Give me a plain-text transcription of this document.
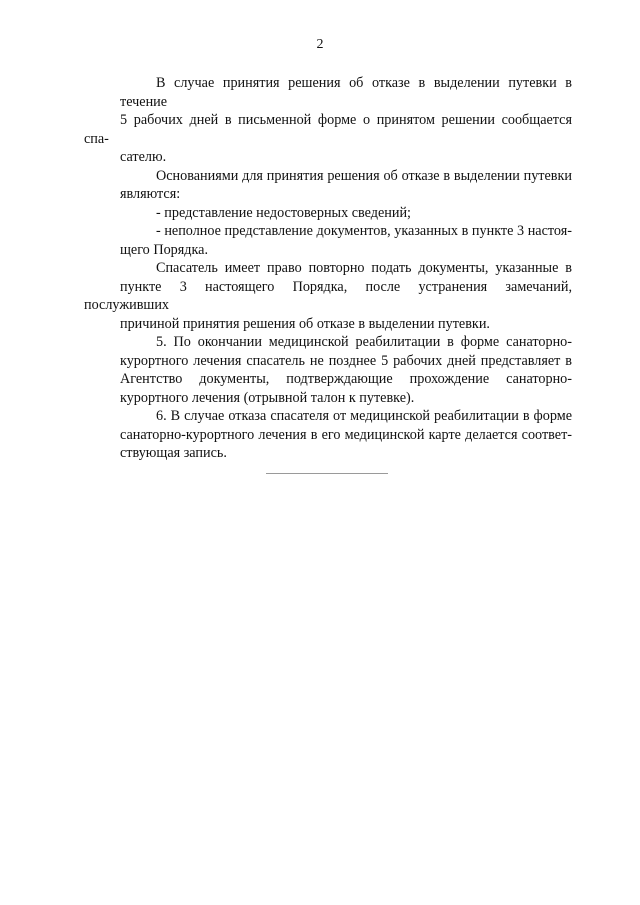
2
В случае принятия решения об отказе в выделении путевки в течение
5 рабочих дней в письменной форме о принятом решении сообщается спа-
сателю.
Основаниями для принятия решения об отказе в выделении путевки
являются:
- представление недостоверных сведений;
- неполное представление документов, указанных в пункте 3 настоя-
щего Порядка.
Спасатель имеет право повторно подать документы, указанные в
пункте 3 настоящего Порядка, после устранения замечаний, послуживших
причиной принятия решения об отказе в выделении путевки.
5. По окончании медицинской реабилитации в форме санаторно-
курортного лечения спасатель не позднее 5 рабочих дней представляет в
Агентство документы, подтверждающие прохождение санаторно-
курортного лечения (отрывной талон к путевке).
6. В случае отказа спасателя от медицинской реабилитации в форме
санаторно-курортного лечения в его медицинской карте делается соответ-
ствующая запись.
